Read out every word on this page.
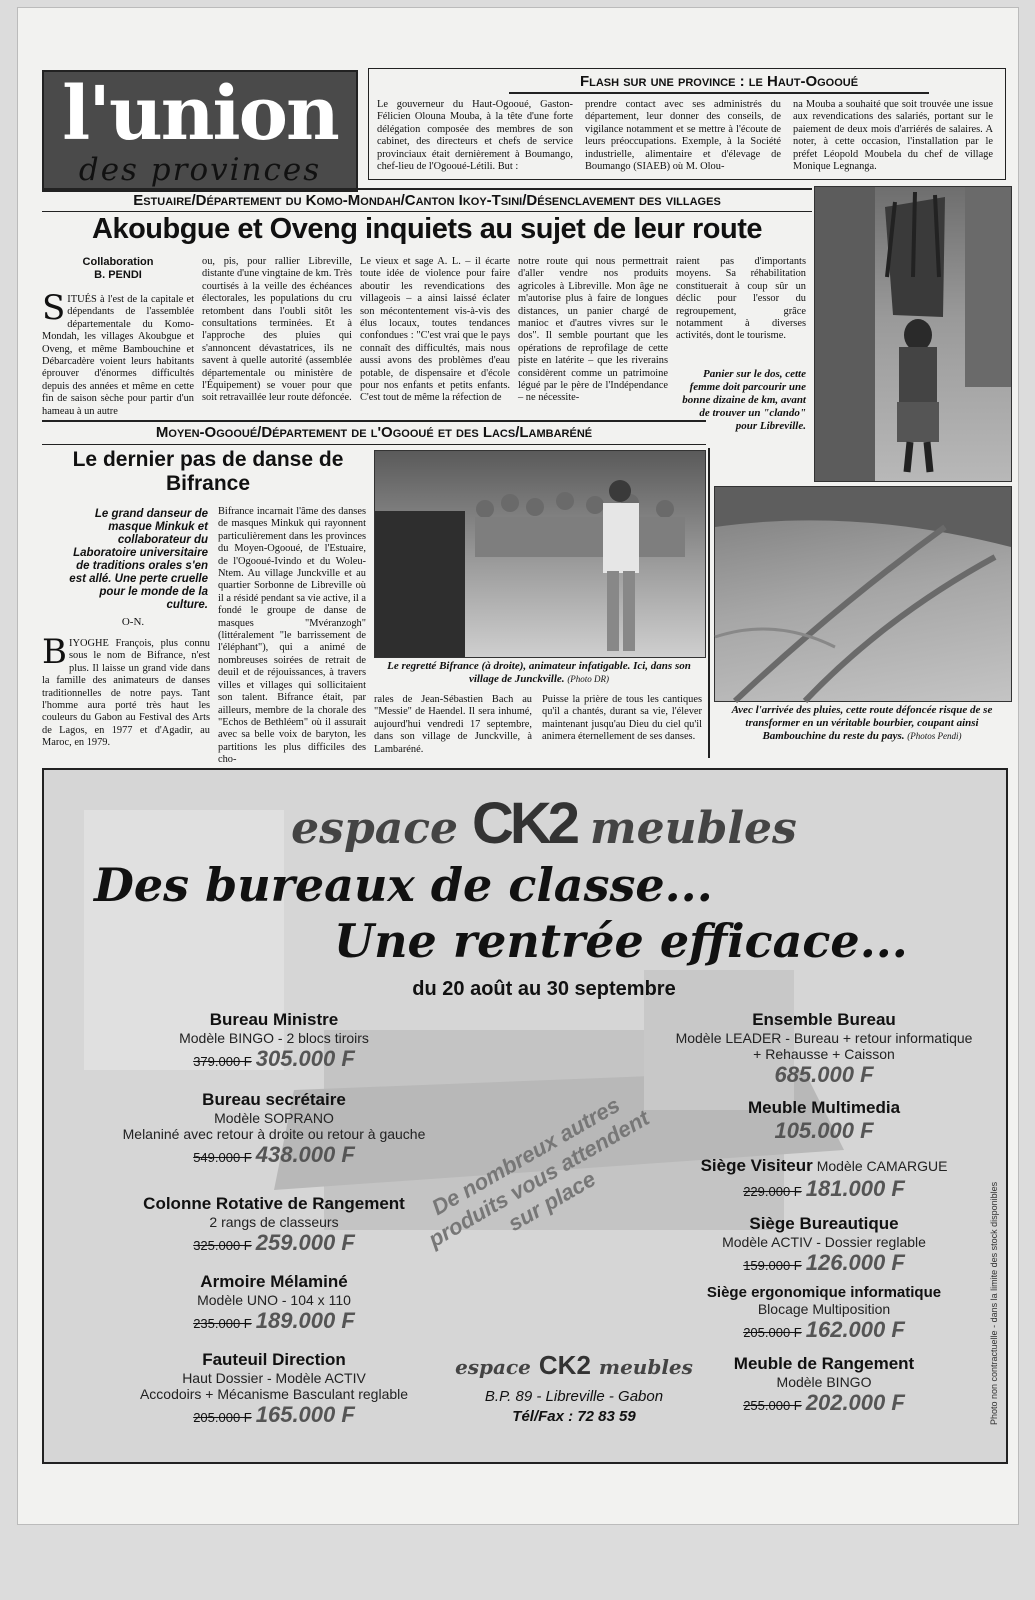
l'union
des provinces
Flash sur une province : le Haut-Ogooué
Le gouverneur du Haut-Ogooué, Gaston-Félicien Olouna Mouba, à la tête d'une forte délégation composée des membres de son cabinet, des directeurs et chefs de service provinciaux était dernièrement à Boumango, chef-lieu de l'Ogooué-Létili. But :
prendre contact avec ses administrés du département, leur donner des conseils, de vigilance notamment et se mettre à l'écoute de leurs préoccupations. Exemple, à la Société industrielle, alimentaire et d'élevage de Boumango (SIAEB) où M. Olou-
na Mouba a souhaité que soit trouvée une issue aux revendications des salariés, portant sur le paiement de deux mois d'arriérés de salaires. A noter, à cette occasion, l'installation par le préfet Léopold Moubela du chef de village Monique Legnanga.
Estuaire/Département du Komo-Mondah/Canton Ikoy-Tsini/Désenclavement des villages
Akoubgue et Oveng inquiets au sujet de leur route
Collaboration
B. PENDI
SITUÉS à l'est de la capitale et dépendants de l'assemblée départementale du Komo-Mondah, les villages Akoubgue et Oveng, et même Bambouchine et Débarcadère voient leurs habitants éprouver d'énormes difficultés depuis des années et même en cette fin de saison sèche pour partir d'un hameau à un autre
ou, pis, pour rallier Libreville, distante d'une vingtaine de km. Très courtisés à la veille des échéances électorales, les populations du cru retombent dans l'oubli sitôt les consultations terminées. Et à l'approche des pluies qui s'annoncent dévastatrices, ils ne savent à quelle autorité (assemblée départementale ou ministère de l'Équipement) se vouer pour que soit retravaillée leur route défoncée.
Le vieux et sage A. L. – il écarte toute idée de violence pour faire aboutir les revendications des villageois – a ainsi laissé éclater son mécontentement vis-à-vis des élus locaux, toutes tendances confondues : "C'est vrai que le pays connaît des difficultés, mais nous aussi avons des problèmes d'eau potable, de dispensaire et d'école pour nos enfants et petits enfants. C'est tout de même la réfection de
notre route qui nous permettrait d'aller vendre nos produits agricoles à Libreville. Mon âge ne m'autorise plus à faire de longues distances, un panier chargé de manioc et d'autres vivres sur le dos". Il semble pourtant que les opérations de reprofilage de cette piste en latérite – que les riverains considèrent comme un patrimoine légué par le père de l'Indépendance – ne nécessite-
raient pas d'importants moyens. Sa réhabilitation constituerait à coup sûr un déclic pour l'essor du regroupement, grâce notamment à diverses activités, dont le tourisme.
Panier sur le dos, cette femme doit parcourir une bonne dizaine de km, avant de trouver un "clando" pour Libreville.
Moyen-Ogooué/Département de l'Ogooué et des Lacs/Lambaréné
Le dernier pas de danse de Bifrance
Le grand danseur de masque Minkuk et collaborateur du Laboratoire universitaire de traditions orales s'en est allé. Une perte cruelle pour le monde de la culture.
O-N.
BIYOGHE François, plus connu sous le nom de Bifrance, n'est plus. Il laisse un grand vide dans la famille des animateurs de danses traditionnelles de notre pays. Tant l'homme aura porté très haut les couleurs du Gabon au Festival des Arts de Lagos, en 1977 et d'Agadir, au Maroc, en 1979.
Bifrance incarnait l'âme des danses de masques Minkuk qui rayonnent particulièrement dans les provinces du Moyen-Ogooué, de l'Estuaire, de l'Ogooué-Ivindo et du Woleu-Ntem. Au village Junckville et au quartier Sorbonne de Libreville où il a résidé pendant sa vie active, il a fondé le groupe de danse de masques "Mvéranzogh" (littéralement "le barrissement de l'éléphant"), qui a animé de nombreuses soirées de retrait de deuil et de réjouissances, à travers villes et villages qui sollicitaient son talent. Bifrance était, par ailleurs, membre de la chorale des "Echos de Bethléem" où il assurait avec sa belle voix de baryton, les partitions les plus difficiles des cho-
Le regretté Bifrance (à droite), animateur infatigable. Ici, dans son village de Junckville. (Photo DR)
rales de Jean-Sébastien Bach au "Messie" de Haendel. Il sera inhumé, aujourd'hui vendredi 17 septembre, dans son village de Junckville, à Lambaréné.
Puisse la prière de tous les cantiques qu'il a chantés, durant sa vie, l'élever maintenant jusqu'au Dieu du ciel qu'il animera éternellement de ses danses.
Avec l'arrivée des pluies, cette route défoncée risque de se transformer en un véritable bourbier, coupant ainsi Bambouchine du reste du pays. (Photos Pendi)
espace CK2 meubles
Des bureaux de classe...
Une rentrée efficace...
du 20 août au 30 septembre
Bureau Ministre
Modèle BINGO - 2 blocs tiroirs
379.000 F 305.000 F
Bureau secrétaire
Modèle SOPRANO
Melaniné avec retour à droite ou retour à gauche
549.000 F 438.000 F
Colonne Rotative de Rangement
2 rangs de classeurs
325.000 F 259.000 F
Armoire Mélaminé
Modèle UNO - 104 x 110
235.000 F 189.000 F
Fauteuil Direction
Haut Dossier - Modèle ACTIV
Accodoirs + Mécanisme Basculant reglable
205.000 F 165.000 F
De nombreux autres produits vous attendent sur place
espace CK2 meubles
B.P. 89 - Libreville - Gabon
Tél/Fax : 72 83 59
Ensemble Bureau
Modèle LEADER - Bureau + retour informatique
+ Rehausse + Caisson
685.000 F
Meuble Multimedia
105.000 F
Siège Visiteur Modèle CAMARGUE
229.000 F 181.000 F
Siège Bureautique
Modèle ACTIV - Dossier reglable
159.000 F 126.000 F
Siège ergonomique informatique
Blocage Multiposition
205.000 F 162.000 F
Meuble de Rangement
Modèle BINGO
255.000 F 202.000 F	Photo non contractuelle - dans la limite des stock disponibles
